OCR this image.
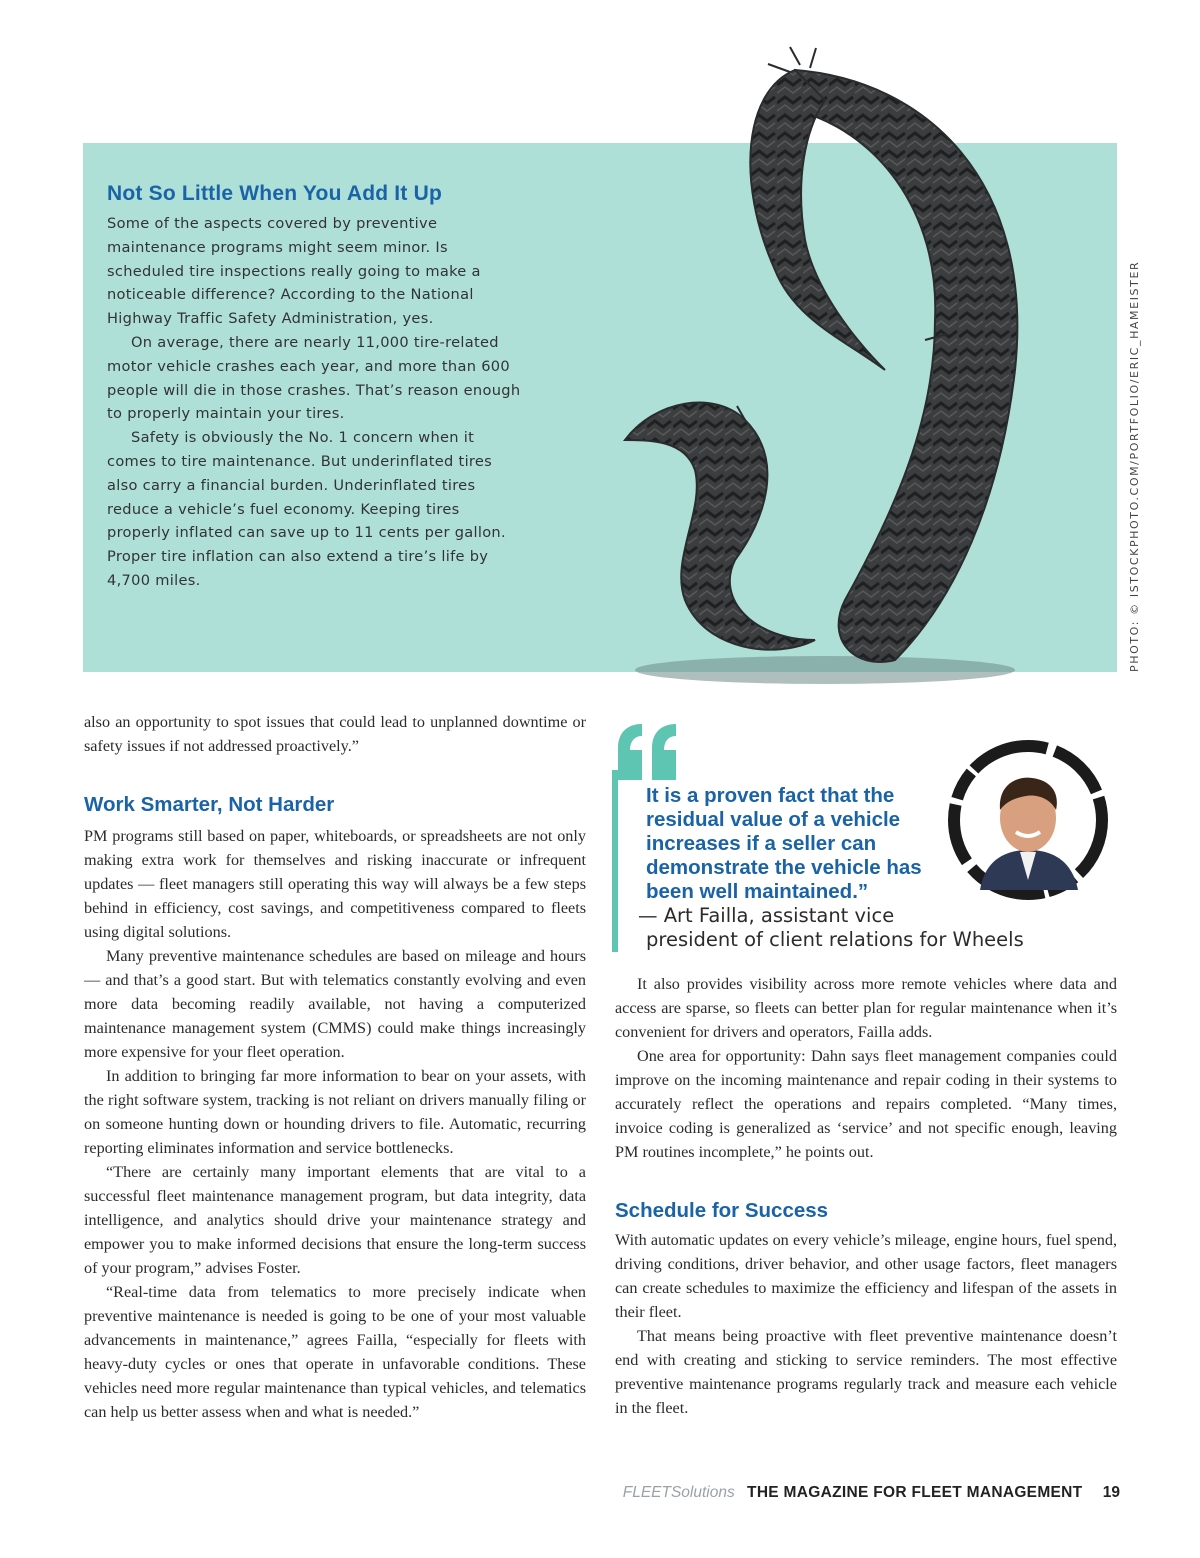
Not So Little When You Add It Up

Some of the aspects covered by preventive maintenance programs might seem minor. Is scheduled tire inspections really going to make a noticeable difference? According to the National Highway Traffic Safety Administration, yes.

On average, there are nearly 11,000 tire-related motor vehicle crashes each year, and more than 600 people will die in those crashes. That’s reason enough to properly maintain your tires.

Safety is obviously the No. 1 concern when it comes to tire maintenance. But underinflated tires also carry a financial burden. Underinflated tires reduce a vehicle’s fuel economy. Keeping tires properly inflated can save up to 11 cents per gallon. Proper tire inflation can also extend a tire’s life by 4,700 miles.	PHOTO: © ISTOCKPHOTO.COM/PORTFOLIO/ERIC_HAMEISTER

also an opportunity to spot issues that could lead to unplanned downtime or safety issues if not addressed proactively.”

Work Smarter, Not Harder

PM programs still based on paper, whiteboards, or spreadsheets are not only making extra work for themselves and risking inaccurate or infrequent updates — fleet managers still operating this way will always be a few steps behind in efficiency, cost savings, and competitiveness compared to fleets using digital solutions.

Many preventive maintenance schedules are based on mileage and hours — and that’s a good start. But with telematics constantly evolving and even more data becoming readily available, not having a computerized maintenance management system (CMMS) could make things increasingly more expensive for your fleet operation.

In addition to bringing far more information to bear on your assets, with the right software system, tracking is not reliant on drivers manually filing or on someone hunting down or hounding drivers to file. Automatic, recurring reporting eliminates information and service bottlenecks.

“There are certainly many important elements that are vital to a successful fleet maintenance management program, but data integrity, data intelligence, and analytics should drive your maintenance strategy and empower you to make informed decisions that ensure the long-term success of your program,” advises Foster.

“Real-time data from telematics to more precisely indicate when preventive maintenance is needed is going to be one of your most valuable advancements in maintenance,” agrees Failla, “especially for fleets with heavy-duty cycles or ones that operate in unfavorable conditions. These vehicles need more regular maintenance than typical vehicles, and telematics can help us better assess when and what is needed.”

It is a proven fact that the residual value of a vehicle increases if a seller can demonstrate the vehicle has been well maintained.”
— Art Failla, assistant vice
president of client relations for Wheels

It also provides visibility across more remote vehicles where data and access are sparse, so fleets can better plan for regular maintenance when it’s convenient for drivers and operators, Failla adds.

One area for opportunity: Dahn says fleet management companies could improve on the incoming maintenance and repair coding in their systems to accurately reflect the operations and repairs completed. “Many times, invoice coding is generalized as ‘service’ and not specific enough, leaving PM routines incomplete,” he points out.

Schedule for Success

With automatic updates on every vehicle’s mileage, engine hours, fuel spend, driving conditions, driver behavior, and other usage factors, fleet managers can create schedules to maximize the efficiency and lifespan of the assets in their fleet.

That means being proactive with fleet preventive maintenance doesn’t end with creating and sticking to service reminders. The most effective preventive maintenance programs regularly track and measure each vehicle in the fleet.

FLEETSolutions THE MAGAZINE FOR FLEET MANAGEMENT 19
